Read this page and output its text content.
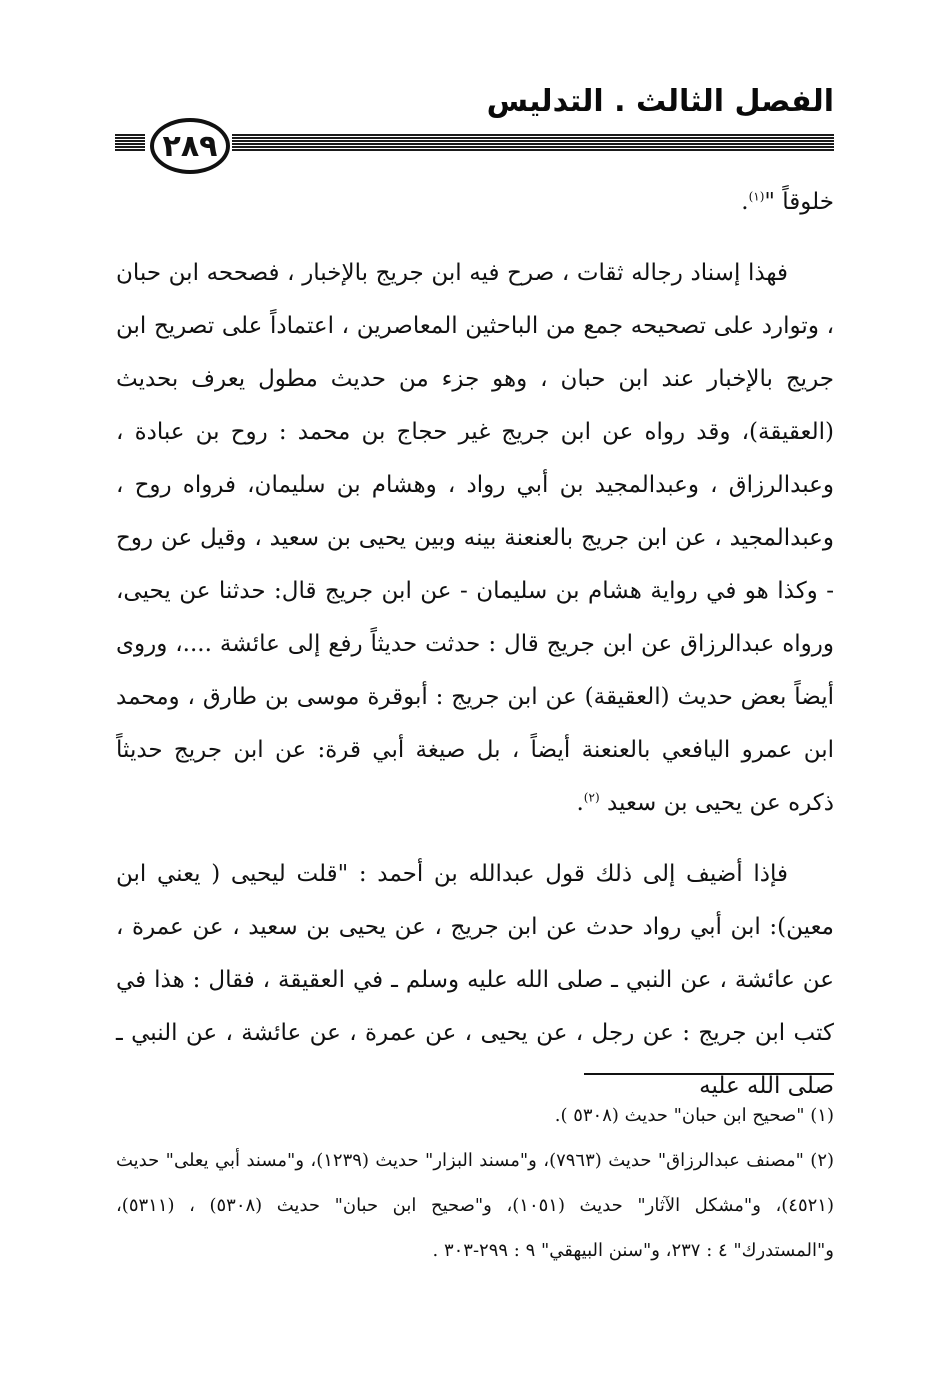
الفصل الثالث . التدليس
٢٨٩

خلوقاً "$^{(١)}$.

فهذا إسناد رجاله ثقات ، صرح فيه ابن جريج بالإخبار ، فصححه ابن حبان ، وتوارد على تصحيحه جمع من الباحثين المعاصرين ، اعتماداً على تصريح ابن جريج بالإخبار عند ابن حبان ، وهو جزء من حديث مطول يعرف بحديث (العقيقة)، وقد رواه عن ابن جريج غير حجاج بن محمد : روح بن عبادة ، وعبدالرزاق ، وعبدالمجيد بن أبي رواد ، وهشام بن سليمان، فرواه روح ، وعبدالمجيد ، عن ابن جريج بالعنعنة بينه وبين يحيى بن سعيد ، وقيل عن روح - وكذا هو في رواية هشام بن سليمان - عن ابن جريج قال: حدثنا عن يحيى، ورواه عبدالرزاق عن ابن جريج قال : حدثت حديثاً رفع إلى عائشة ....، وروى أيضاً بعض حديث (العقيقة) عن ابن جريج : أبوقرة موسى بن طارق ، ومحمد ابن عمرو اليافعي بالعنعنة أيضاً ، بل صيغة أبي قرة: عن ابن جريج حديثاً ذكره عن يحيى بن سعيد $^{(٢)}$.

فإذا أضيف إلى ذلك قول عبدالله بن أحمد : "قلت ليحيى ( يعني ابن معين): ابن أبي رواد حدث عن ابن جريج ، عن يحيى بن سعيد ، عن عمرة ، عن عائشة ، عن النبي ـ صلى الله عليه وسلم ـ في العقيقة ، فقال : هذا في كتب ابن جريج : عن رجل ، عن يحيى ، عن عمرة ، عن عائشة ، عن النبي ـ صلى الله عليه

(١) "صحيح ابن حبان" حديث (٥٣٠٨ ).

(٢) "مصنف عبدالرزاق" حديث (٧٩٦٣)، و"مسند البزار" حديث (١٢٣٩)، و"مسند أبي يعلى" حديث (٤٥٢١)، و"مشكل الآثار" حديث (١٠٥١)، و"صحيح ابن حبان" حديث (٥٣٠٨) ، (٥٣١١)، و"المستدرك" ٤ : ٢٣٧، و"سنن البيهقي" ٩ : ٢٩٩-٣٠٣ .
